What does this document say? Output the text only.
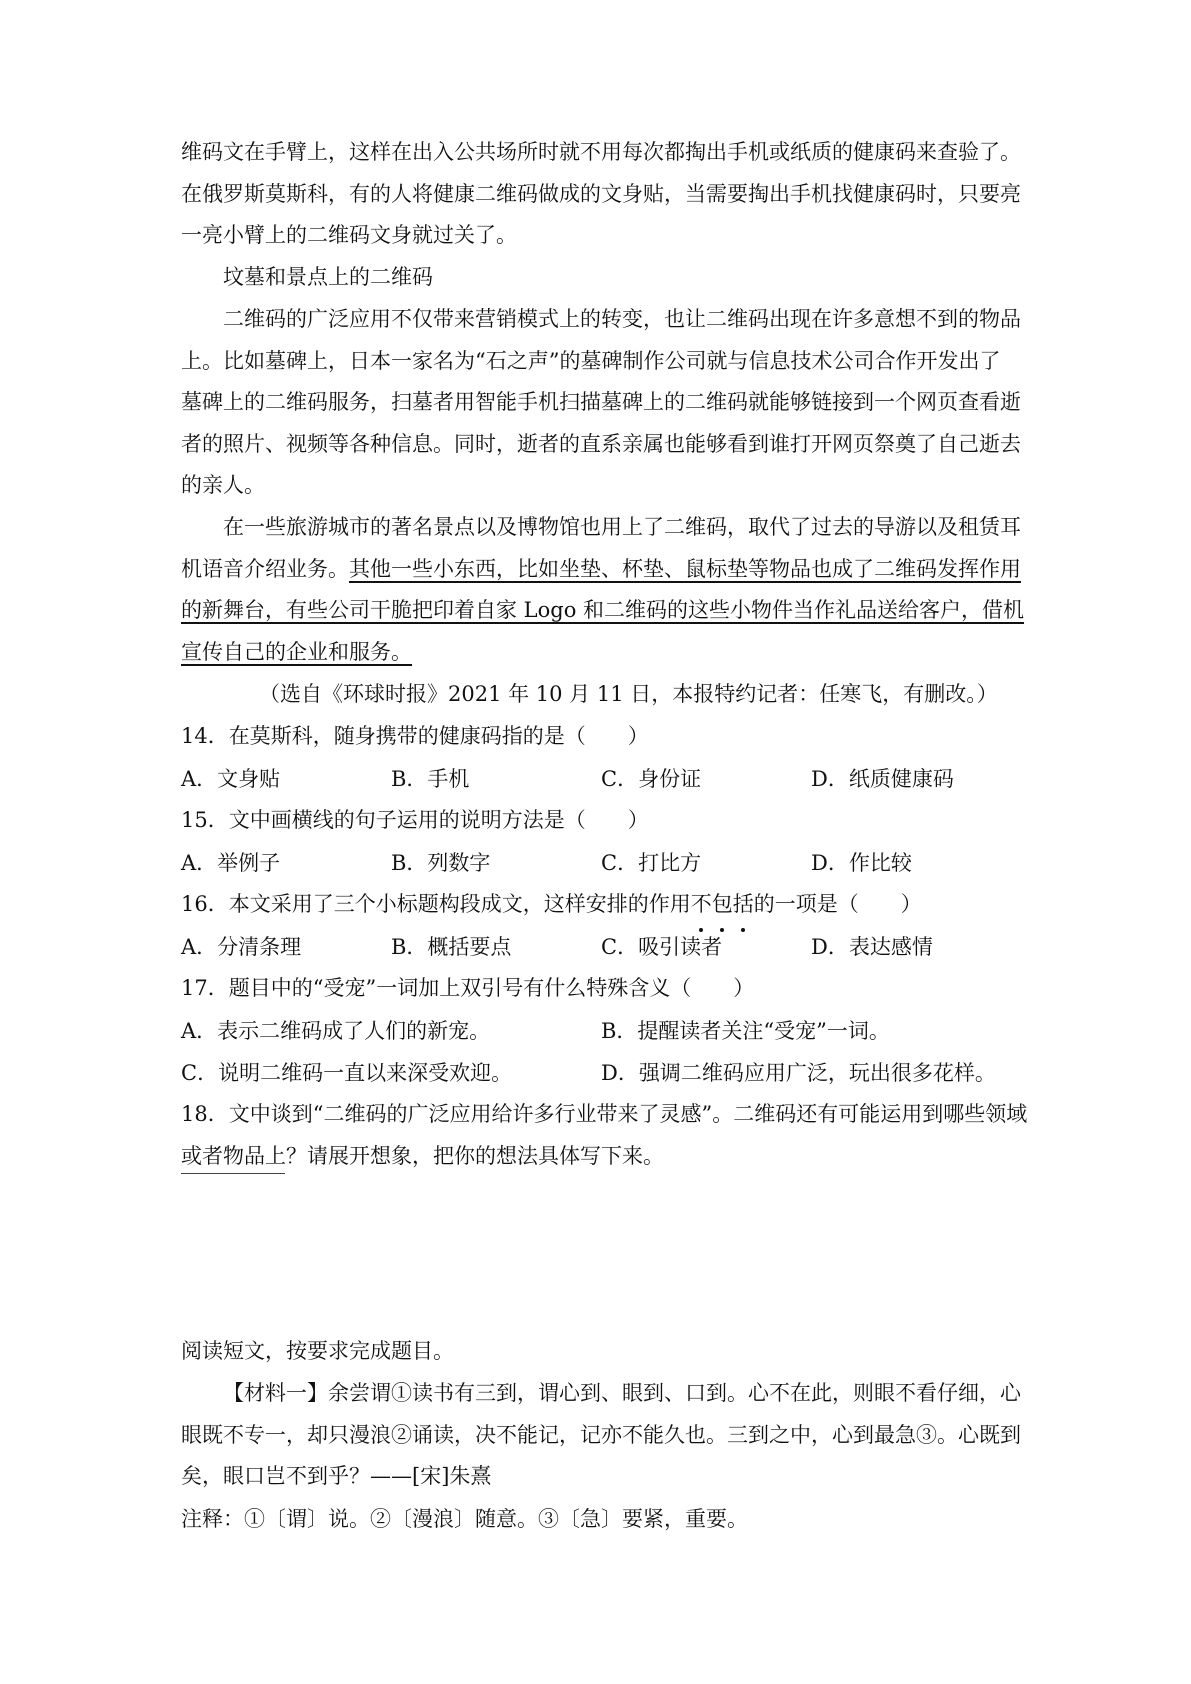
维码文在手臂上，这样在出入公共场所时就不用每次都掏出手机或纸质的健康码来查验了。
在俄罗斯莫斯科，有的人将健康二维码做成的文身贴，当需要掏出手机找健康码时，只要亮
一亮小臂上的二维码文身就过关了。
坟墓和景点上的二维码
二维码的广泛应用不仅带来营销模式上的转变，也让二维码出现在许多意想不到的物品
上。比如墓碑上，日本一家名为“石之声”的墓碑制作公司就与信息技术公司合作开发出了
墓碑上的二维码服务，扫墓者用智能手机扫描墓碑上的二维码就能够链接到一个网页查看逝
者的照片、视频等各种信息。同时，逝者的直系亲属也能够看到谁打开网页祭奠了自己逝去
的亲人。
在一些旅游城市的著名景点以及博物馆也用上了二维码，取代了过去的导游以及租赁耳
机语音介绍业务。其他一些小东西，比如坐垫、杯垫、鼠标垫等物品也成了二维码发挥作用
的新舞台，有些公司干脆把印着自家 Logo 和二维码的这些小物件当作礼品送给客户，借机
宣传自己的企业和服务。
（选自《环球时报》2021 年 10 月 11 日，本报特约记者：任寒飞，有删改。）
14．在莫斯科，随身携带的健康码指的是（　　）
A．文身贴	B．手机	C．身份证	D．纸质健康码
15．文中画横线的句子运用的说明方法是（　　）
A．举例子	B．列数字	C．打比方	D．作比较
16．本文采用了三个小标题构段成文，这样安排的作用不包括的一项是（　　）
A．分清条理	B．概括要点	C．吸引读者	D．表达感情
17．题目中的“受宠”一词加上双引号有什么特殊含义（　　）
A．表示二维码成了人们的新宠。	B．提醒读者关注“受宠”一词。
C．说明二维码一直以来深受欢迎。	D．强调二维码应用广泛，玩出很多花样。
18．文中谈到“二维码的广泛应用给许多行业带来了灵感”。二维码还有可能运用到哪些领域
或者物品上？请展开想象，把你的想法具体写下来。
阅读短文，按要求完成题目。
【材料一】余尝谓①读书有三到，谓心到、眼到、口到。心不在此，则眼不看仔细，心
眼既不专一，却只漫浪②诵读，决不能记，记亦不能久也。三到之中，心到最急③。心既到
矣，眼口岂不到乎？——[宋]朱熹
注释：①〔谓〕说。②〔漫浪〕随意。③〔急〕要紧，重要。
